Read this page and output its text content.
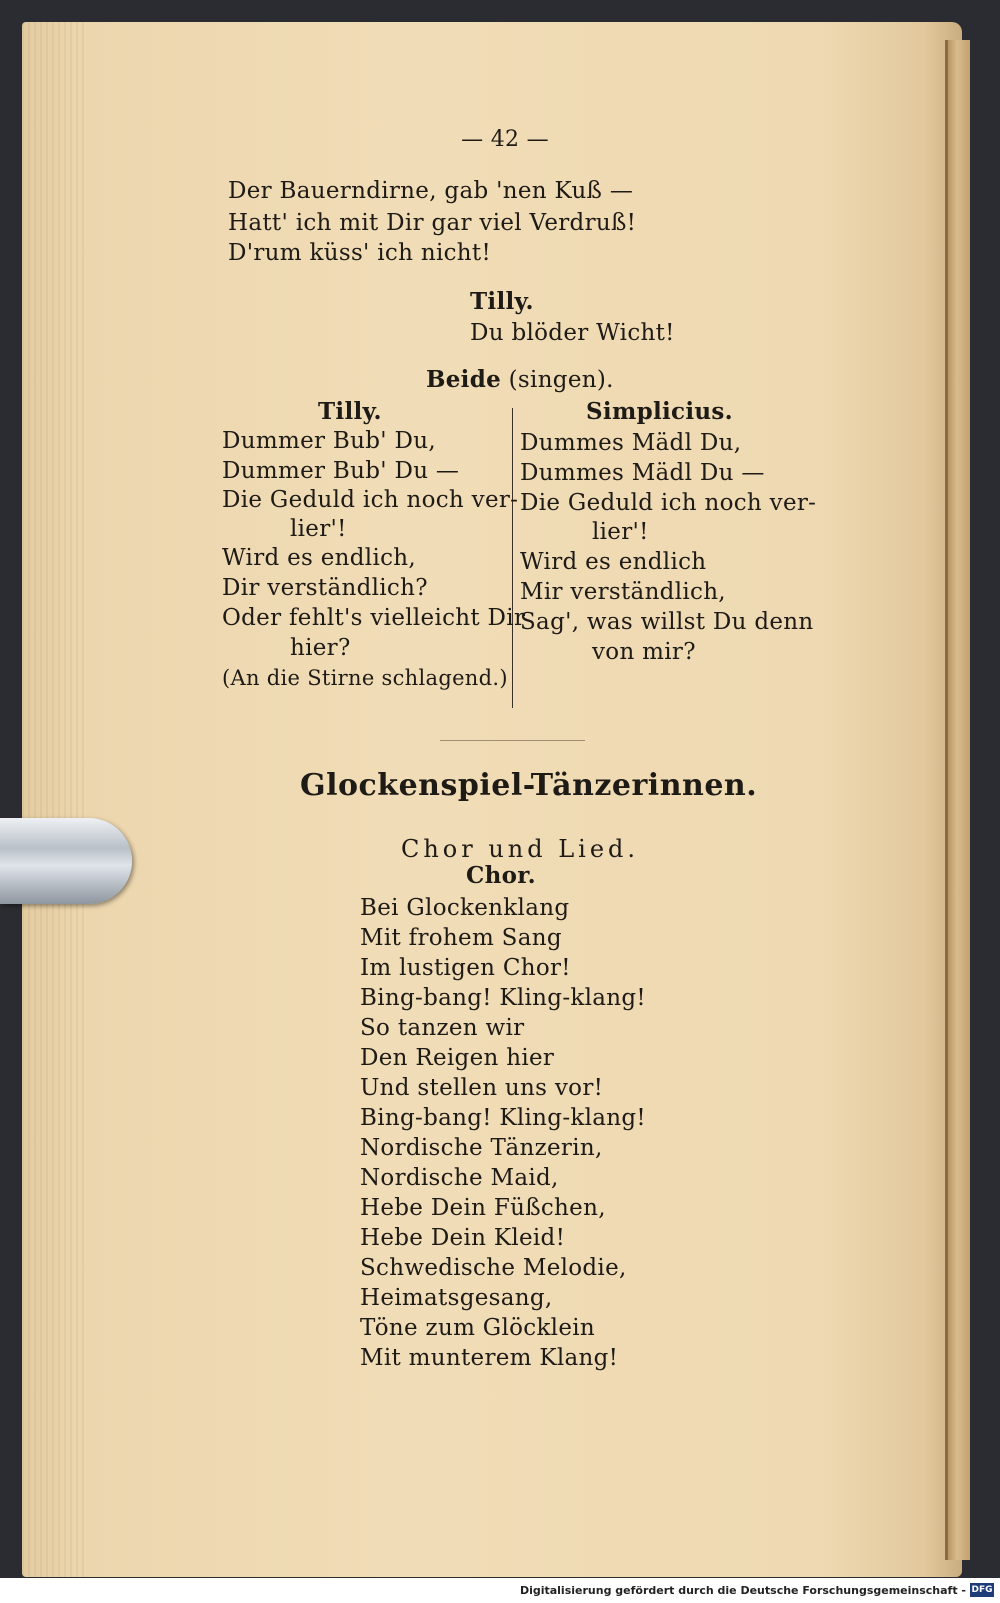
— 42 —
Der Bauerndirne, gab 'nen Kuß —
Hatt' ich mit Dir gar viel Verdruß!
D'rum küss' ich nicht!
Tilly.
Du blöder Wicht!
Beide (singen).
Tilly.
Dummer Bub' Du,
Dummer Bub' Du —
Die Geduld ich noch ver-
lier'!
Wird es endlich,
Dir verständlich?
Oder fehlt's vielleicht Dir
hier?
(An die Stirne schlagend.)
Simplicius.
Dummes Mädl Du,
Dummes Mädl Du —
Die Geduld ich noch ver-
lier'!
Wird es endlich
Mir verständlich,
Sag', was willst Du denn
von mir?
Glockenspiel-Tänzerinnen.
Chor und Lied.
Chor.
Bei Glockenklang
Mit frohem Sang
Im lustigen Chor!
Bing-bang! Kling-klang!
So tanzen wir
Den Reigen hier
Und stellen uns vor!
Bing-bang! Kling-klang!
Nordische Tänzerin,
Nordische Maid,
Hebe Dein Füßchen,
Hebe Dein Kleid!
Schwedische Melodie,
Heimatsgesang,
Töne zum Glöcklein
Mit munterem Klang!
Digitalisierung gefördert durch die Deutsche Forschungsgemeinschaft - DFG
